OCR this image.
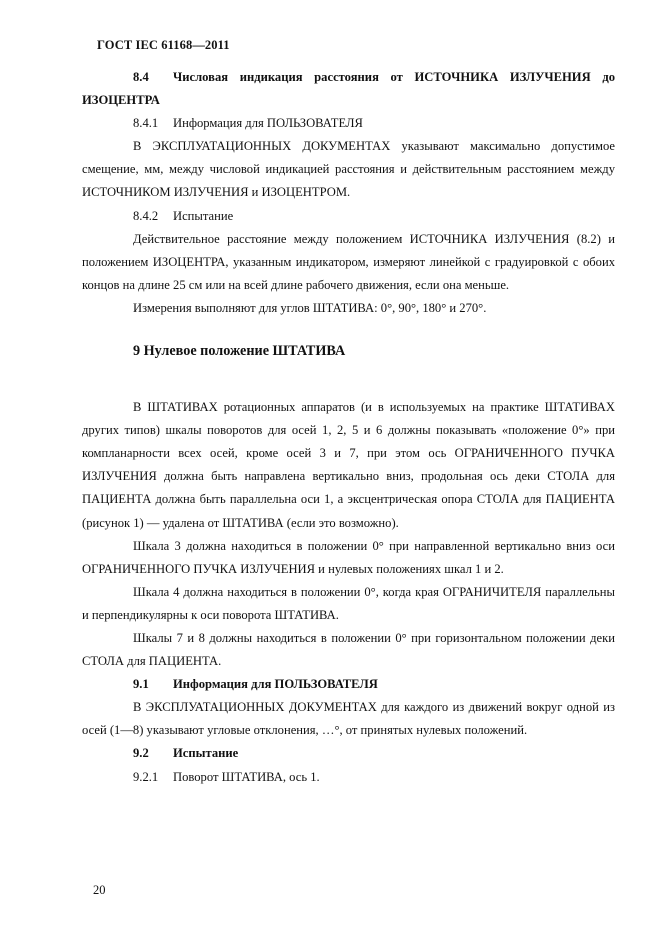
ГОСТ IEC 61168—2011

8.4 Числовая индикация расстояния от ИСТОЧНИКА ИЗЛУЧЕНИЯ до ИЗОЦЕНТРА

8.4.1 Информация для ПОЛЬЗОВАТЕЛЯ

В ЭКСПЛУАТАЦИОННЫХ ДОКУМЕНТАХ указывают максимально допустимое смещение, мм, между числовой индикацией расстояния и действительным расстоянием между ИСТОЧНИКОМ ИЗЛУЧЕНИЯ и ИЗОЦЕНТРОМ.

8.4.2 Испытание

Действительное расстояние между положением ИСТОЧНИКА ИЗЛУЧЕНИЯ (8.2) и положением ИЗОЦЕНТРА, указанным индикатором, измеряют линейкой с градуировкой с обоих концов на длине 25 см или на всей длине рабочего движения, если она меньше.

Измерения выполняют для углов ШТАТИВА: 0°, 90°, 180° и 270°.

9 Нулевое положение ШТАТИВА

В ШТАТИВАХ ротационных аппаратов (и в используемых на практике ШТАТИВАХ других типов) шкалы поворотов для осей 1, 2, 5 и 6 должны показывать «положение 0°» при компланарности всех осей, кроме осей 3 и 7, при этом ось ОГРАНИЧЕННОГО ПУЧКА ИЗЛУЧЕНИЯ должна быть направлена вертикально вниз, продольная ось деки СТОЛА для ПАЦИЕНТА должна быть параллельна оси 1, а эксцентрическая опора СТОЛА для ПАЦИЕНТА (рисунок 1) — удалена от ШТАТИВА (если это возможно).

Шкала 3 должна находиться в положении 0° при направленной вертикально вниз оси ОГРАНИЧЕННОГО ПУЧКА ИЗЛУЧЕНИЯ и нулевых положениях шкал 1 и 2.

Шкала 4 должна находиться в положении 0°, когда края ОГРАНИЧИТЕЛЯ параллельны и перпендикулярны к оси поворота ШТАТИВА.

Шкалы 7 и 8 должны находиться в положении 0° при горизонтальном положении деки СТОЛА для ПАЦИЕНТА.

9.1 Информация для ПОЛЬЗОВАТЕЛЯ

В ЭКСПЛУАТАЦИОННЫХ ДОКУМЕНТАХ для каждого из движений вокруг одной из осей (1—8) указывают угловые отклонения, …°, от принятых нулевых положений.

9.2 Испытание

9.2.1 Поворот ШТАТИВА, ось 1.

20
